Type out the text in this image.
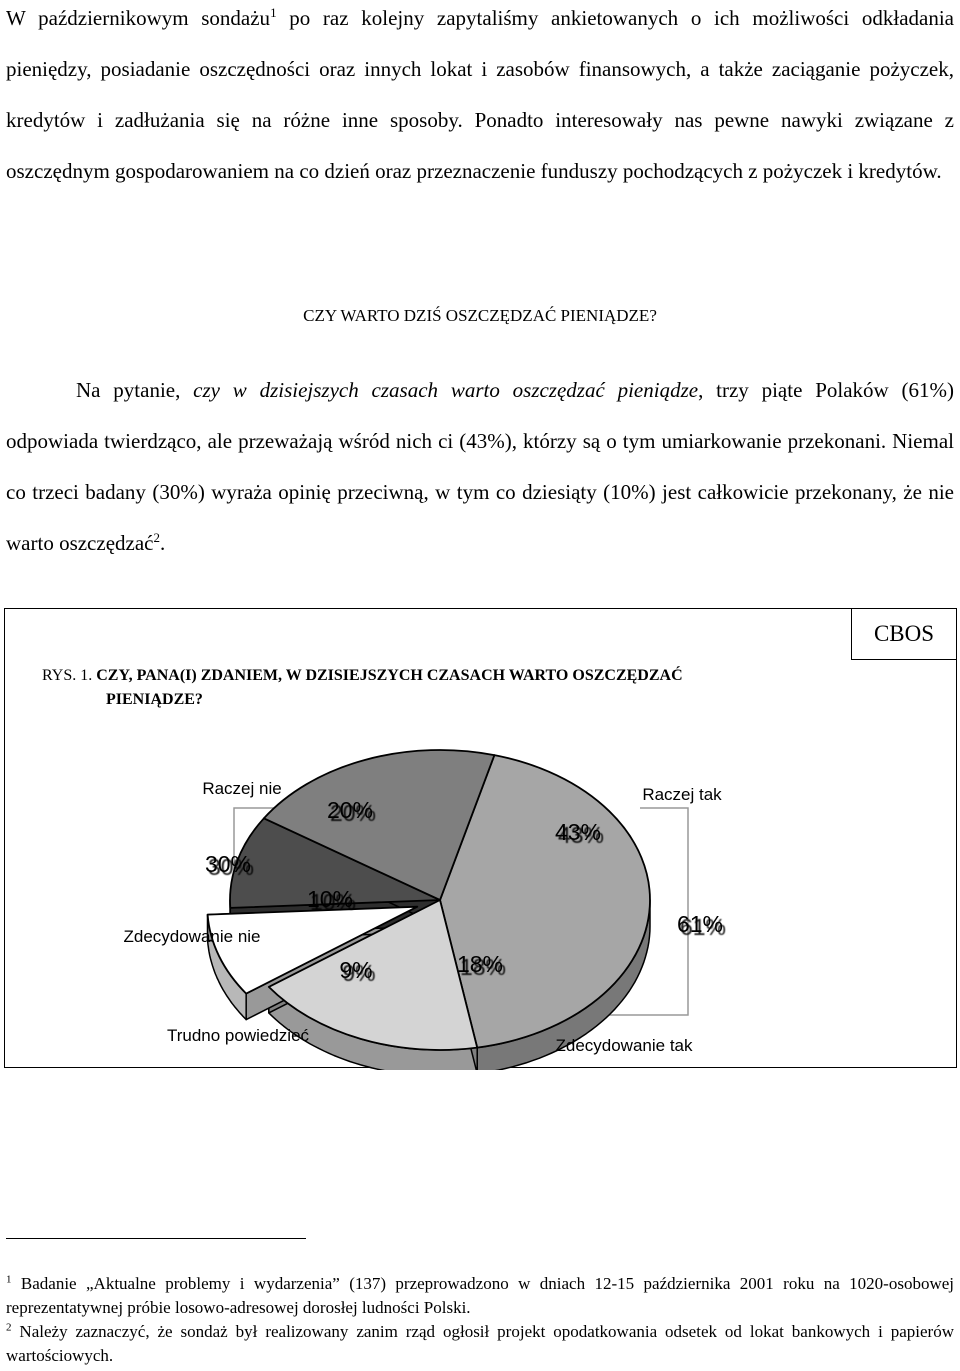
W październikowym sondażu$^1$ po raz kolejny zapytaliśmy ankietowanych o ich możliwości odkładania pieniędzy, posiadanie oszczędności oraz innych lokat i zasobów finansowych, a także zaciąganie pożyczek, kredytów i zadłużania się na różne inne sposoby. Ponadto interesowały nas pewne nawyki związane z oszczędnym gospodarowaniem na co dzień oraz przeznaczenie funduszy pochodzących z pożyczek i kredytów.

CZY WARTO DZIŚ OSZCZĘDZAĆ PIENIĄDZE?

Na pytanie, czy w dzisiejszych czasach warto oszczędzać pieniądze, trzy piąte Polaków (61%) odpowiada twierdząco, ale przeważają wśród nich ci (43%), którzy są o tym umiarkowanie przekonani. Niemal co trzeci badany (30%) wyraża opinię przeciwną, w tym co dziesiąty (10%) jest całkowicie przekonany, że nie warto oszczędzać$^2$.

CBOS
RYS. 1. CZY, PANA(I) ZDANIEM, W DZISIEJSZYCH CZASACH WARTO OSZCZĘDZAĆ
PIENIĄDZE?
43%
18%
9%
10%
20%
Raczej tak
Zdecydowanie tak
Trudno powiedzieć
Zdecydowanie nie
Raczej nie
61%
30%

$^1$ Badanie „Aktualne problemy i wydarzenia” (137) przeprowadzono w dniach 12-15 października 2001 roku na 1020-osobowej reprezentatywnej próbie losowo-adresowej dorosłej ludności Polski.

$^2$ Należy zaznaczyć, że sondaż był realizowany zanim rząd ogłosił projekt opodatkowania odsetek od lokat bankowych i papierów wartościowych.
